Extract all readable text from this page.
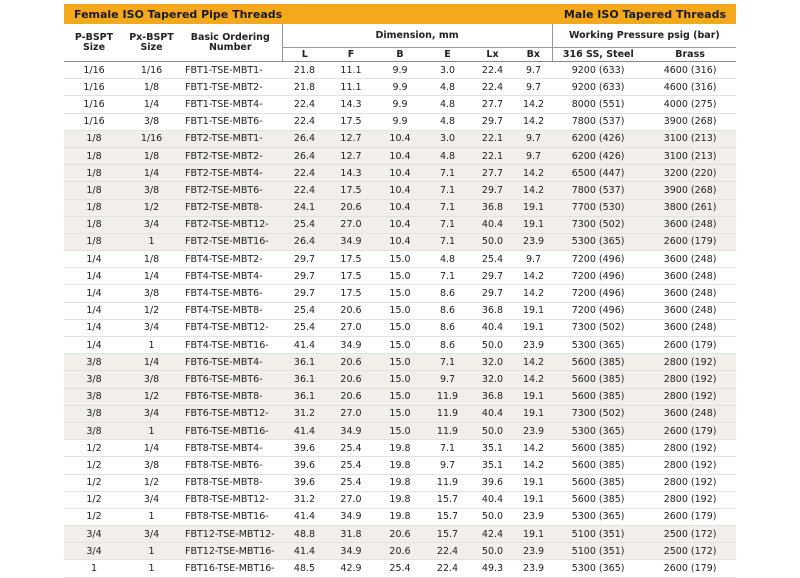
Female ISO Tapered Pipe Threads	Male ISO Tapered Threads
P-BSPT Size	Px-BSPT Size	Basic Ordering Number	Dimension, mm						Working Pressure psig (bar)	
			L	F	B	E	Lx	Bx	316 SS, Steel	Brass
1/16	1/16	FBT1-TSE-MBT1-	21.8	11.1	9.9	3.0	22.4	9.7	9200 (633)	4600 (316)
1/16	1/8	FBT1-TSE-MBT2-	21.8	11.1	9.9	4.8	22.4	9.7	9200 (633)	4600 (316)
1/16	1/4	FBT1-TSE-MBT4-	22.4	14.3	9.9	4.8	27.7	14.2	8000 (551)	4000 (275)
1/16	3/8	FBT1-TSE-MBT6-	22.4	17.5	9.9	4.8	29.7	14.2	7800 (537)	3900 (268)
1/8	1/16	FBT2-TSE-MBT1-	26.4	12.7	10.4	3.0	22.1	9.7	6200 (426)	3100 (213)
1/8	1/8	FBT2-TSE-MBT2-	26.4	12.7	10.4	4.8	22.1	9.7	6200 (426)	3100 (213)
1/8	1/4	FBT2-TSE-MBT4-	22.4	14.3	10.4	7.1	27.7	14.2	6500 (447)	3200 (220)
1/8	3/8	FBT2-TSE-MBT6-	22.4	17.5	10.4	7.1	29.7	14.2	7800 (537)	3900 (268)
1/8	1/2	FBT2-TSE-MBT8-	24.1	20.6	10.4	7.1	36.8	19.1	7700 (530)	3800 (261)
1/8	3/4	FBT2-TSE-MBT12-	25.4	27.0	10.4	7.1	40.4	19.1	7300 (502)	3600 (248)
1/8	1	FBT2-TSE-MBT16-	26.4	34.9	10.4	7.1	50.0	23.9	5300 (365)	2600 (179)
1/4	1/8	FBT4-TSE-MBT2-	29.7	17.5	15.0	4.8	25.4	9.7	7200 (496)	3600 (248)
1/4	1/4	FBT4-TSE-MBT4-	29.7	17.5	15.0	7.1	29.7	14.2	7200 (496)	3600 (248)
1/4	3/8	FBT4-TSE-MBT6-	29.7	17.5	15.0	8.6	29.7	14.2	7200 (496)	3600 (248)
1/4	1/2	FBT4-TSE-MBT8-	25.4	20.6	15.0	8.6	36.8	19.1	7200 (496)	3600 (248)
1/4	3/4	FBT4-TSE-MBT12-	25.4	27.0	15.0	8.6	40.4	19.1	7300 (502)	3600 (248)
1/4	1	FBT4-TSE-MBT16-	41.4	34.9	15.0	8.6	50.0	23.9	5300 (365)	2600 (179)
3/8	1/4	FBT6-TSE-MBT4-	36.1	20.6	15.0	7.1	32.0	14.2	5600 (385)	2800 (192)
3/8	3/8	FBT6-TSE-MBT6-	36.1	20.6	15.0	9.7	32.0	14.2	5600 (385)	2800 (192)
3/8	1/2	FBT6-TSE-MBT8-	36.1	20.6	15.0	11.9	36.8	19.1	5600 (385)	2800 (192)
3/8	3/4	FBT6-TSE-MBT12-	31.2	27.0	15.0	11.9	40.4	19.1	7300 (502)	3600 (248)
3/8	1	FBT6-TSE-MBT16-	41.4	34.9	15.0	11.9	50.0	23.9	5300 (365)	2600 (179)
1/2	1/4	FBT8-TSE-MBT4-	39.6	25.4	19.8	7.1	35.1	14.2	5600 (385)	2800 (192)
1/2	3/8	FBT8-TSE-MBT6-	39.6	25.4	19.8	9.7	35.1	14.2	5600 (385)	2800 (192)
1/2	1/2	FBT8-TSE-MBT8-	39.6	25.4	19.8	11.9	39.6	19.1	5600 (385)	2800 (192)
1/2	3/4	FBT8-TSE-MBT12-	31.2	27.0	19.8	15.7	40.4	19.1	5600 (385)	2800 (192)
1/2	1	FBT8-TSE-MBT16-	41.4	34.9	19.8	15.7	50.0	23.9	5300 (365)	2600 (179)
3/4	3/4	FBT12-TSE-MBT12-	48.8	31.8	20.6	15.7	42.4	19.1	5100 (351)	2500 (172)
3/4	1	FBT12-TSE-MBT16-	41.4	34.9	20.6	22.4	50.0	23.9	5100 (351)	2500 (172)
1	1	FBT16-TSE-MBT16-	48.5	42.9	25.4	22.4	49.3	23.9	5300 (365)	2600 (179)
